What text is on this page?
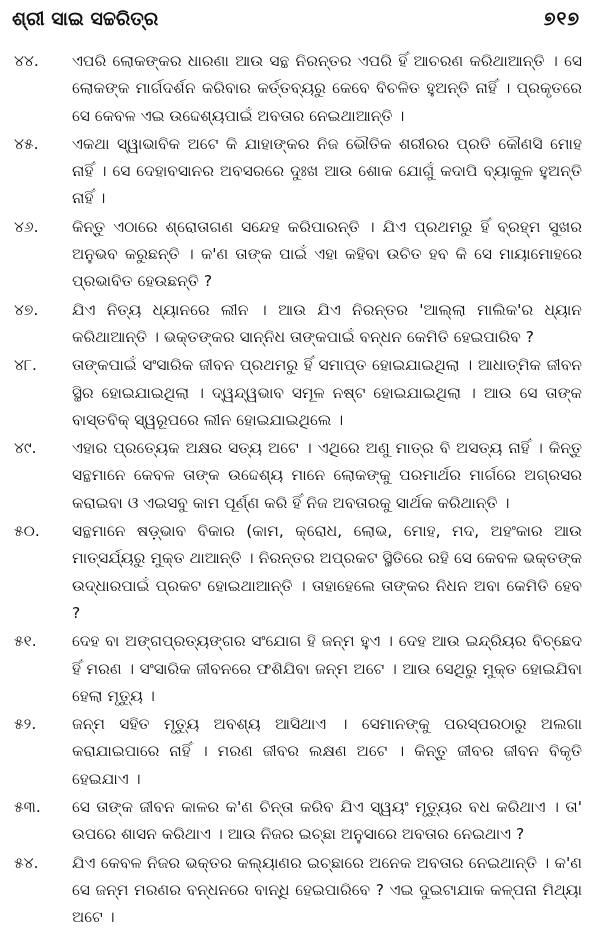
ଶ୍ରୀ ସାଇ ସଚ୍ଚରିତ୍ର	୭୧୭
୪୪.	ଏପରି ଲୋକଙ୍କର ଧାରଣା ଆଉ ସନ୍ଥ ନିରନ୍ତର ଏପରି ହିଁ ଆଚରଣ କରିଥାଆନ୍ତି । ସେ ଲୋକଙ୍କ ମାର୍ଗଦର୍ଶନ କରିବାର କର୍ତ୍ତବ୍ୟରୁ କେବେ ବିଚଳିତ ହୁଅନ୍ତି ନାହିଁ । ପ୍ରକୃତରେ ସେ କେବଳ ଏଇ ଉଦ୍ଦେଶ୍ୟପାଇଁ ଅବତାର ନେଇଥାଆନ୍ତି ।
୪୫.	ଏକଥା ସ୍ୱାଭାବିକ ଅଟେ କି ଯାହାଙ୍କର ନିଜ ଭୌତିକ ଶରୀରର ପ୍ରତି କୌଣସି ମୋହ ନାହିଁ । ସେ ଦେହାବସାନର ଅବସରରେ ଦୁଃଖ ଆଉ ଶୋକ ଯୋଗୁଁ କଦାପି ବ୍ୟାକୁଳ ହୁଅନ୍ତି ନାହିଁ ।
୪୬.	କିନ୍ତୁ ଏଠାରେ ଶ୍ରୋତାଗଣ ସନ୍ଦେହ କରିପାରନ୍ତି । ଯିଏ ପ୍ରଥମରୁ ହିଁ ବ୍ରହ୍ମ ସୁଖର ଅନୁଭବ କରୁଛନ୍ତି । କ'ଣ ତାଙ୍କ ପାଇଁ ଏହା କହିବା ଉଚିତ ହବ କି ସେ ମାୟାମୋହରେ ପ୍ରଭାବିତ ହେଉଛନ୍ତି ?
୪୭.	ଯିଏ ନିତ୍ୟ ଧ୍ୟାନରେ ଲୀନ । ଆଉ ଯିଏ ନିରନ୍ତର 'ଆଲ୍ଲା ମାଲିକ'ର ଧ୍ୟାନ କରିଥାଆନ୍ତି । ଭକ୍ତଙ୍କର ସାନ୍ନିଧ ତାଙ୍କପାଇଁ ବନ୍ଧନ କେମିତି ହେଇପାରିବ ?
୪୮.	ତାଙ୍କପାଇଁ ସଂସାରିକ ଜୀବନ ପ୍ରଥମରୁ ହିଁ ସମାପ୍ତ ହୋଇଯାଇଥିଲା । ଆଧାତ୍ମିକ ଜୀବନ ସ୍ଥିର ହୋଇଯାଇଥିଲା । ଦ୍ୱନ୍ଦ୍ୱଭାବ ସମୂଳ ନଷ୍ଟ ହୋଇଯାଇଥିଲା । ଆଉ ସେ ତାଙ୍କ ବାସ୍ତବିକ୍ ସ୍ୱରୂପରେ ଲୀନ ହୋଇଯାଇଥିଲେ ।
୪୯.	ଏହାର ପ୍ରତ୍ୟେକ ଅକ୍ଷର ସତ୍ୟ ଅଟେ । ଏଥିରେ ଅଣୁ ମାତ୍ର ବି ଅସତ୍ୟ ନାହିଁ । କିନ୍ତୁ ସନ୍ଥମାନେ କେବଳ ତାଙ୍କ ଉଦ୍ଦେଶ୍ୟ ମାନେ ଲୋକଙ୍କୁ ପରମାର୍ଥର ମାର୍ଗରେ ଅଗ୍ରସର କରାଇବା ଓ ଏଇସବୁ କାମ ପୂର୍ଣ୍ଣ କରି ହିଁ ନିଜ ଅବତାରକୁ ସାର୍ଥକ କରିଥାନ୍ତି ।
୫୦.	ସନ୍ଥମାନେ ଷଡ଼୍ଭାବ ବିକାର (କାମ, କ୍ରୋଧ, ଲୋଭ, ମୋହ, ମଦ, ଅହଂକାର ଆଉ ମାତ୍ସର୍ଯ୍ୟରୁ ମୁକ୍ତ ଥାଆନ୍ତି । ନିରନ୍ତର ଅପ୍ରକଟ ସ୍ଥିତିରେ ରହି ସେ କେବଳ ଭକ୍ତଙ୍କ ଉଦ୍ଧାରପାଇଁ ପ୍ରକଟ ହୋଇଥାଆନ୍ତି । ତାହାହେଲେ ତାଙ୍କର ନିଧନ ଅବା କେମିତି ହେବ ?
୫୧.	ଦେହ ବା ଅଙ୍ଗପ୍ରତ୍ୟଙ୍ଗର ସଂଯୋଗ ହି ଜନ୍ମ ହୁଏ । ଦେହ ଆଉ ଇନ୍ଦ୍ରିୟର ବିଚ୍ଛେଦ ହିଁ ମରଣ । ସଂସାରିକ ଜୀବନରେ ଫଶିଯିବା ଜନ୍ମ ଅଟେ । ଆଉ ସେଥିରୁ ମୁକ୍ତ ହୋଇଯିବା ହେଲା ମୃତ୍ୟୁ ।
୫୨.	ଜନ୍ମ ସହିତ ମୃତ୍ୟୁ ଅବଶ୍ୟ ଆସିଥାଏ । ସେମାନଙ୍କୁ ପରସ୍ପରଠାରୁ ଅଲଗା କରାଯାଇପାରେ ନାହିଁ । ମରଣ ଜୀବର ଲକ୍ଷଣ ଅଟେ । କିନ୍ତୁ ଜୀବର ଜୀବନ ବିକୃତି ହେଇଯାଏ ।
୫୩.	ସେ ତାଙ୍କ ଜୀବନ କାଳର କ'ଣ ଚିନ୍ତା କରିବ ଯିଏ ସ୍ୱୟଂ ମୃତ୍ୟୁର ବଧ କରିଥାଏ । ତା' ଉପରେ ଶାସନ କରିଥାଏ । ଆଉ ନିଜର ଇଚ୍ଛା ଅନୁସାରେ ଅବତାର ନେଇଥାଏ ?
୫୪.	ଯିଏ କେବଳ ନିଜର ଭକ୍ତର କଲ୍ୟାଣର ଇଚ୍ଛାରେ ଅନେକ ଅବତାର ନେଇଥାନ୍ତି । କ'ଣ ସେ ଜନ୍ମ ମରଣର ବନ୍ଧନରେ ବାନ୍ଧି ହେଇପାରିବେ ? ଏଇ ଦୁଇଟାଯାକ କଳ୍ପନା ମିଥ୍ୟା ଅଟେ ।
